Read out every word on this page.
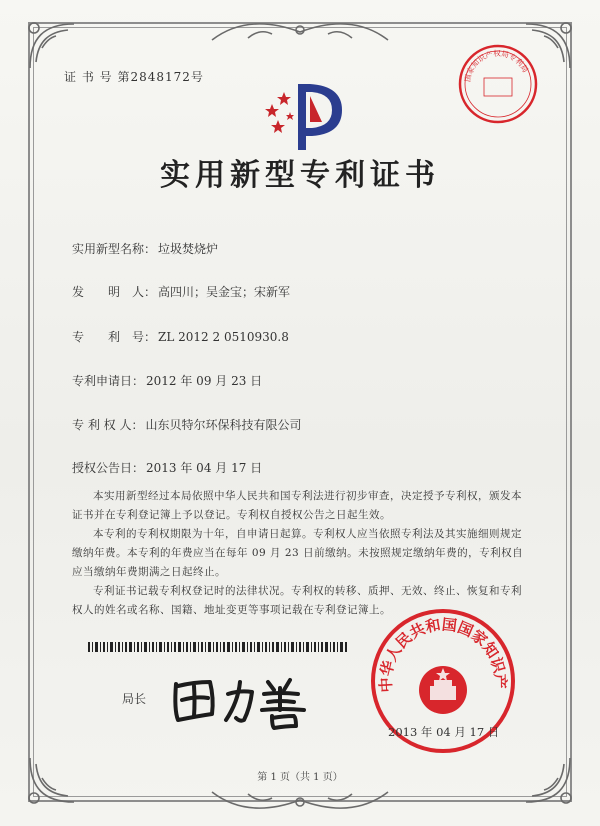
证 书 号 第2848172号	国家知识产权局专利局
实用新型专利证书
实用新型名称： 垃圾焚烧炉
发　　明　人： 高四川；吴金宝；宋新军
专　　利　号： ZL 2012 2 0510930.8
专利申请日： 2012 年 09 月 23 日
专 利 权 人： 山东贝特尔环保科技有限公司
授权公告日： 2013 年 04 月 17 日

本实用新型经过本局依照中华人民共和国专利法进行初步审查，决定授予专利权，颁发本证书并在专利登记簿上予以登记。专利权自授权公告之日起生效。

本专利的专利权期限为十年，自申请日起算。专利权人应当依照专利法及其实施细则规定缴纳年费。本专利的年费应当在每年 09 月 23 日前缴纳。未按照规定缴纳年费的，专利权自应当缴纳年费期满之日起终止。

专利证书记载专利权登记时的法律状况。专利权的转移、质押、无效、终止、恢复和专利权人的姓名或名称、国籍、地址变更等事项记载在专利登记簿上。

局长
中华人民共和国国家知识产
2013 年 04 月 17 日
第 1 页（共 1 页）
